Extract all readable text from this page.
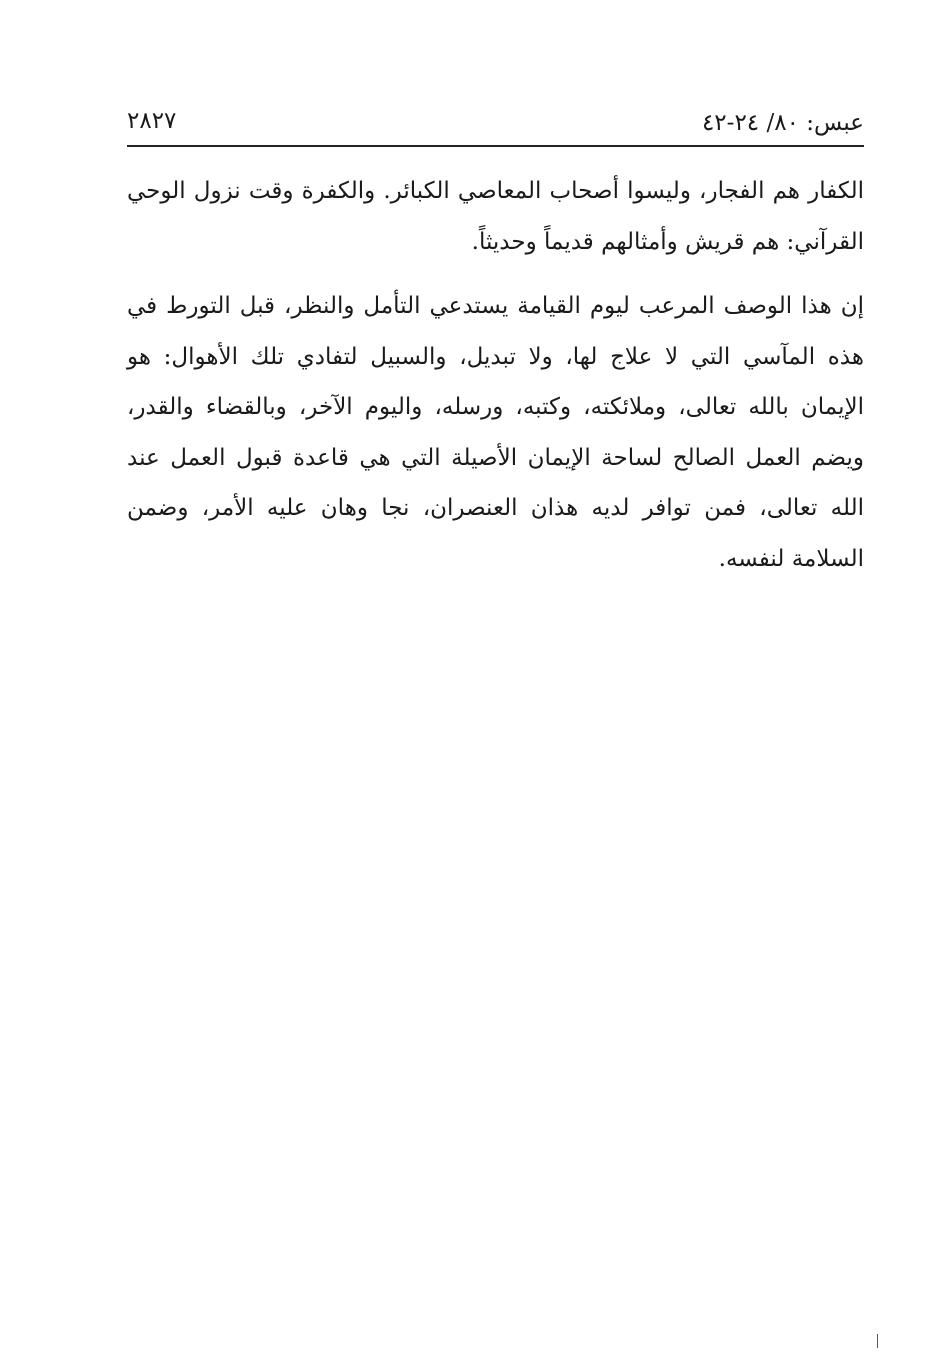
عبس: ٨٠/ ٢٤-٤٢
٢٨٢٧

الكفار هم الفجار، وليسوا أصحاب المعاصي الكبائر. والكفرة وقت نزول الوحي القرآني: هم قريش وأمثالهم قديماً وحديثاً.

إن هذا الوصف المرعب ليوم القيامة يستدعي التأمل والنظر، قبل التورط في هذه المآسي التي لا علاج لها، ولا تبديل، والسبيل لتفادي تلك الأهوال: هو الإيمان بالله تعالى، وملائكته، وكتبه، ورسله، واليوم الآخر، وبالقضاء والقدر، ويضم العمل الصالح لساحة الإيمان الأصيلة التي هي قاعدة قبول العمل عند الله تعالى، فمن توافر لديه هذان العنصران، نجا وهان عليه الأمر، وضمن السلامة لنفسه.
